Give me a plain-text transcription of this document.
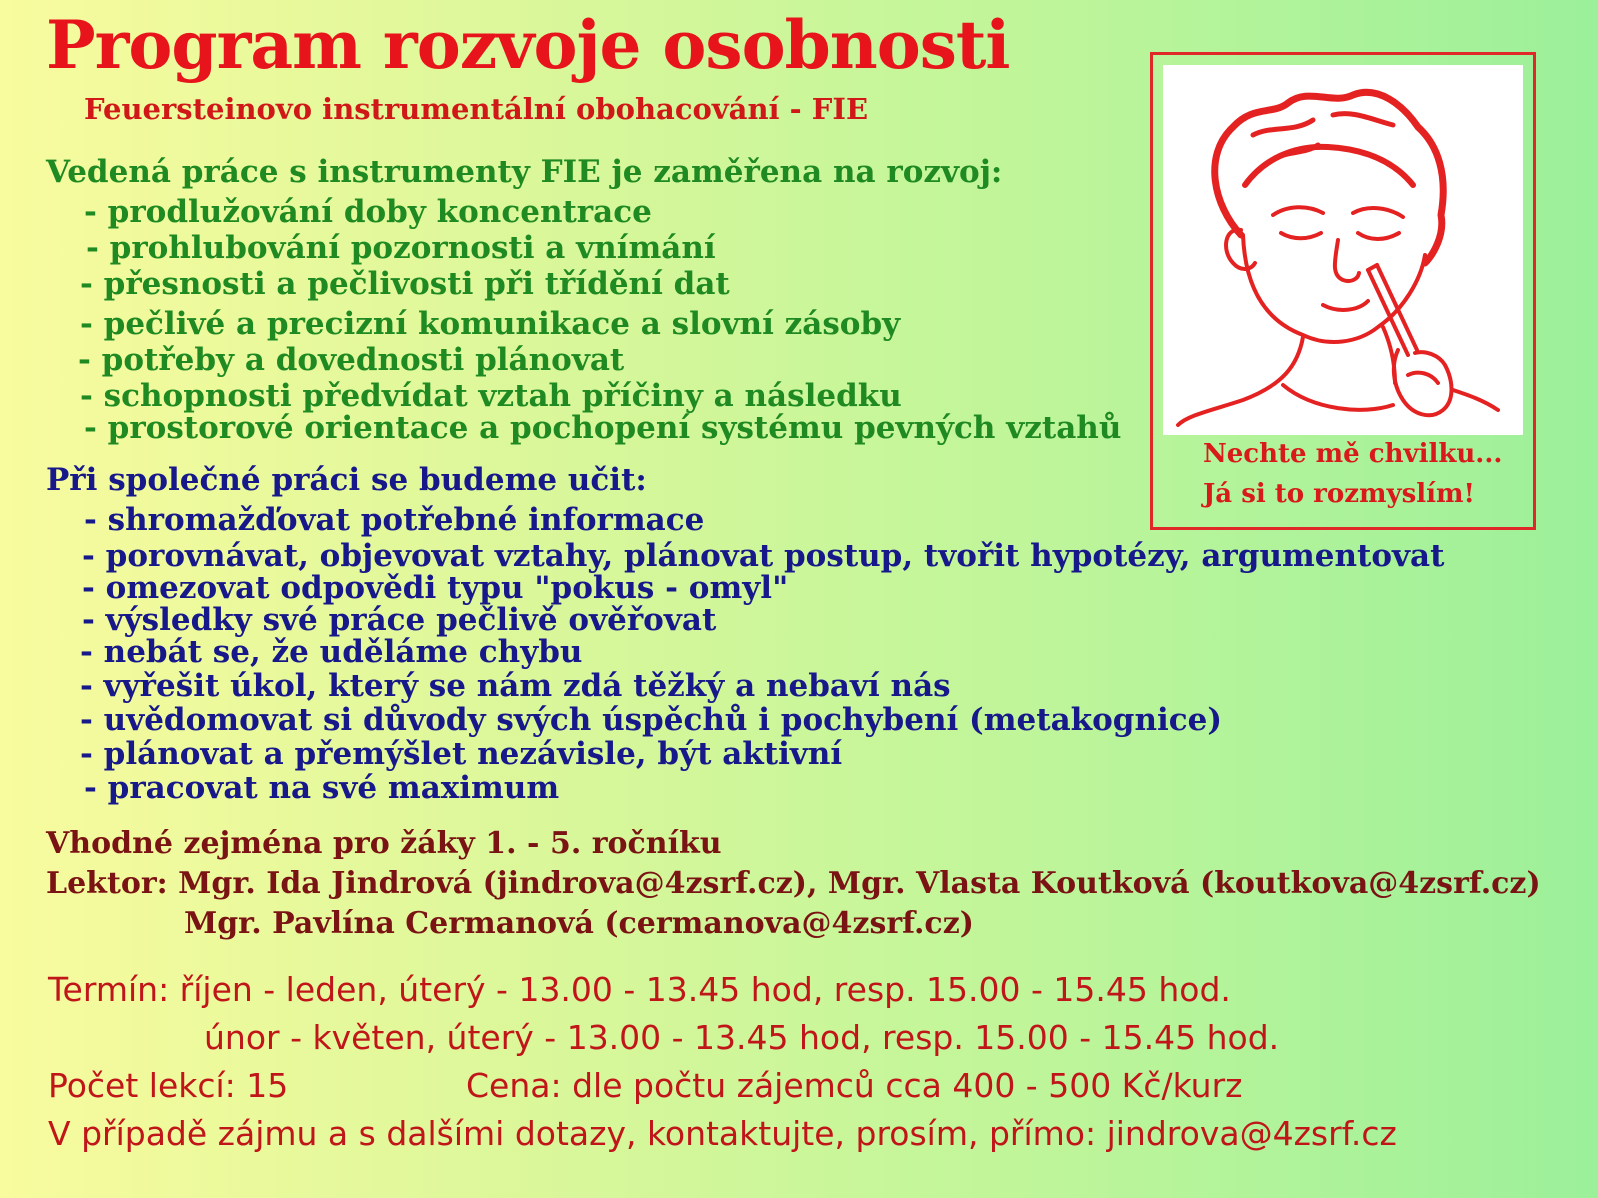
Program rozvoje osobnosti
Feuersteinovo instrumentální obohacování - FIE
Vedená práce s instrumenty FIE je zaměřena na rozvoj:
- prodlužování doby koncentrace
- prohlubování pozornosti a vnímání
- přesnosti a pečlivosti při třídění dat
- pečlivé a precizní komunikace a slovní zásoby
- potřeby a dovednosti plánovat
- schopnosti předvídat vztah příčiny a následku
- prostorové orientace a pochopení systému pevných vztahů
Při společné práci se budeme učit:
- shromažďovat potřebné informace
- porovnávat, objevovat vztahy, plánovat postup, tvořit hypotézy, argumentovat
- omezovat odpovědi typu "pokus - omyl"
- výsledky své práce pečlivě ověřovat
- nebát se, že uděláme chybu
- vyřešit úkol, který se nám zdá těžký a nebaví nás
- uvědomovat si důvody svých úspěchů i pochybení (metakognice)
- plánovat a přemýšlet nezávisle, být aktivní
- pracovat na své maximum
Vhodné zejména pro žáky 1. - 5. ročníku
Lektor: Mgr. Ida Jindrová (jindrova@4zsrf.cz), Mgr. Vlasta Koutková (koutkova@4zsrf.cz)
Mgr. Pavlína Cermanová (cermanova@4zsrf.cz)
Termín: říjen - leden, úterý - 13.00 - 13.45 hod, resp. 15.00 - 15.45 hod.
únor - květen, úterý - 13.00 - 13.45 hod, resp. 15.00 - 15.45 hod.
Počet lekcí: 15	Cena: dle počtu zájemců cca 400 - 500 Kč/kurz
V případě zájmu a s dalšími dotazy, kontaktujte, prosím, přímo: jindrova@4zsrf.cz
Nechte mě chvilku...
Já si to rozmyslím!
